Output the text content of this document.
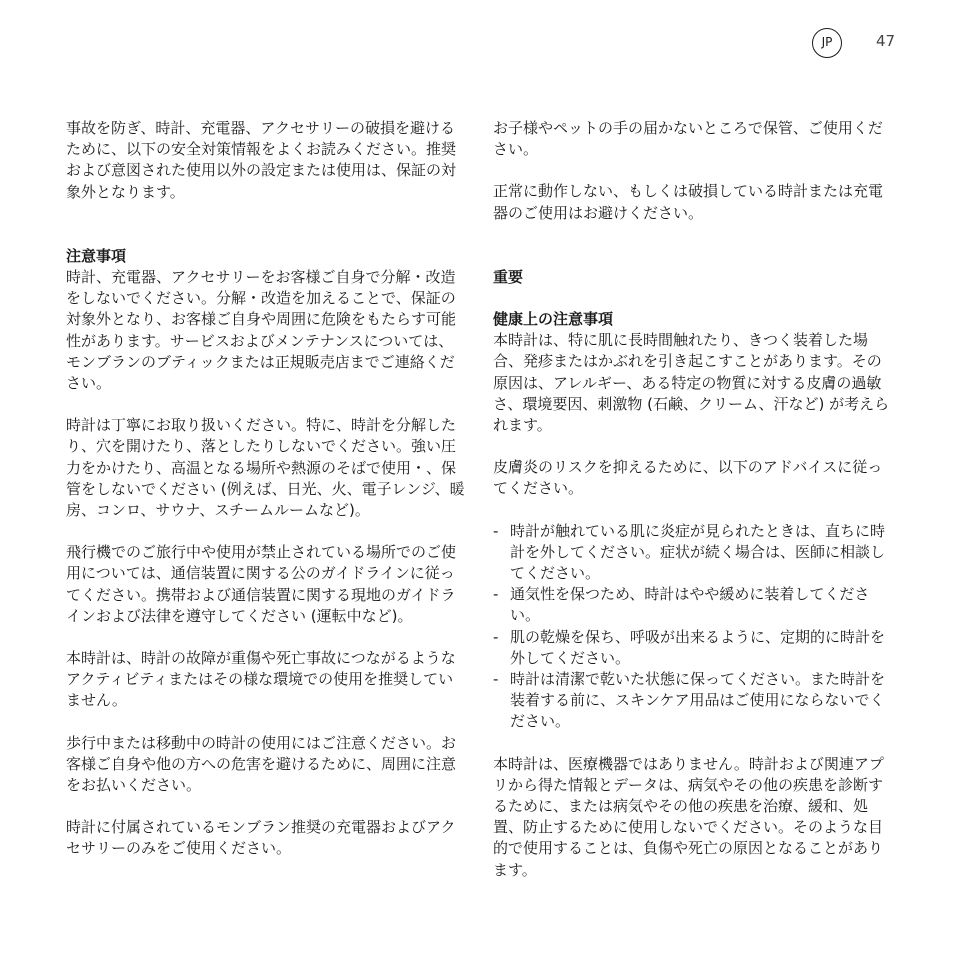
JP	47

事故を防ぎ、時計、充電器、アクセサリーの破損を避けるために、以下の安全対策情報をよくお読みください。推奨および意図された使用以外の設定または使用は、保証の対象外となります。

注意事項

時計、充電器、アクセサリーをお客様ご自身で分解・改造をしないでください。分解・改造を加えることで、保証の対象外となり、お客様ご自身や周囲に危険をもたらす可能性があります。サービスおよびメンテナンスについては、モンブランのブティックまたは正規販売店までご連絡ください。

時計は丁寧にお取り扱いください。特に、時計を分解したり、穴を開けたり、落としたりしないでください。強い圧力をかけたり、高温となる場所や熱源のそばで使用・、保管をしないでください (例えば、日光、火、電子レンジ、暖房、コンロ、サウナ、スチームルームなど)。

飛行機でのご旅行中や使用が禁止されている場所でのご使用については、通信装置に関する公のガイドラインに従ってください。携帯および通信装置に関する現地のガイドラインおよび法律を遵守してください (運転中など)。

本時計は、時計の故障が重傷や死亡事故につながるようなアクティビティまたはその様な環境での使用を推奨していません。

歩行中または移動中の時計の使用にはご注意ください。お客様ご自身や他の方への危害を避けるために、周囲に注意をお払いください。

時計に付属されているモンブラン推奨の充電器およびアクセサリーのみをご使用ください。

お子様やペットの手の届かないところで保管、ご使用ください。

正常に動作しない、もしくは破損している時計または充電器のご使用はお避けください。

重要

健康上の注意事項

本時計は、特に肌に長時間触れたり、きつく装着した場合、発疹またはかぶれを引き起こすことがあります。その原因は、アレルギー、ある特定の物質に対する皮膚の過敏さ、環境要因、刺激物 (石鹸、クリーム、汗など) が考えられます。

皮膚炎のリスクを抑えるために、以下のアドバイスに従ってください。

- 時計が触れている肌に炎症が見られたときは、直ちに時計を外してください。症状が続く場合は、医師に相談してください。
- 通気性を保つため、時計はやや緩めに装着してください。
- 肌の乾燥を保ち、呼吸が出来るように、定期的に時計を外してください。
- 時計は清潔で乾いた状態に保ってください。また時計を装着する前に、スキンケア用品はご使用にならないでください。

本時計は、医療機器ではありません。時計および関連アプリから得た情報とデータは、病気やその他の疾患を診断するために、または病気やその他の疾患を治療、緩和、処置、防止するために使用しないでください。そのような目的で使用することは、負傷や死亡の原因となることがあります。
